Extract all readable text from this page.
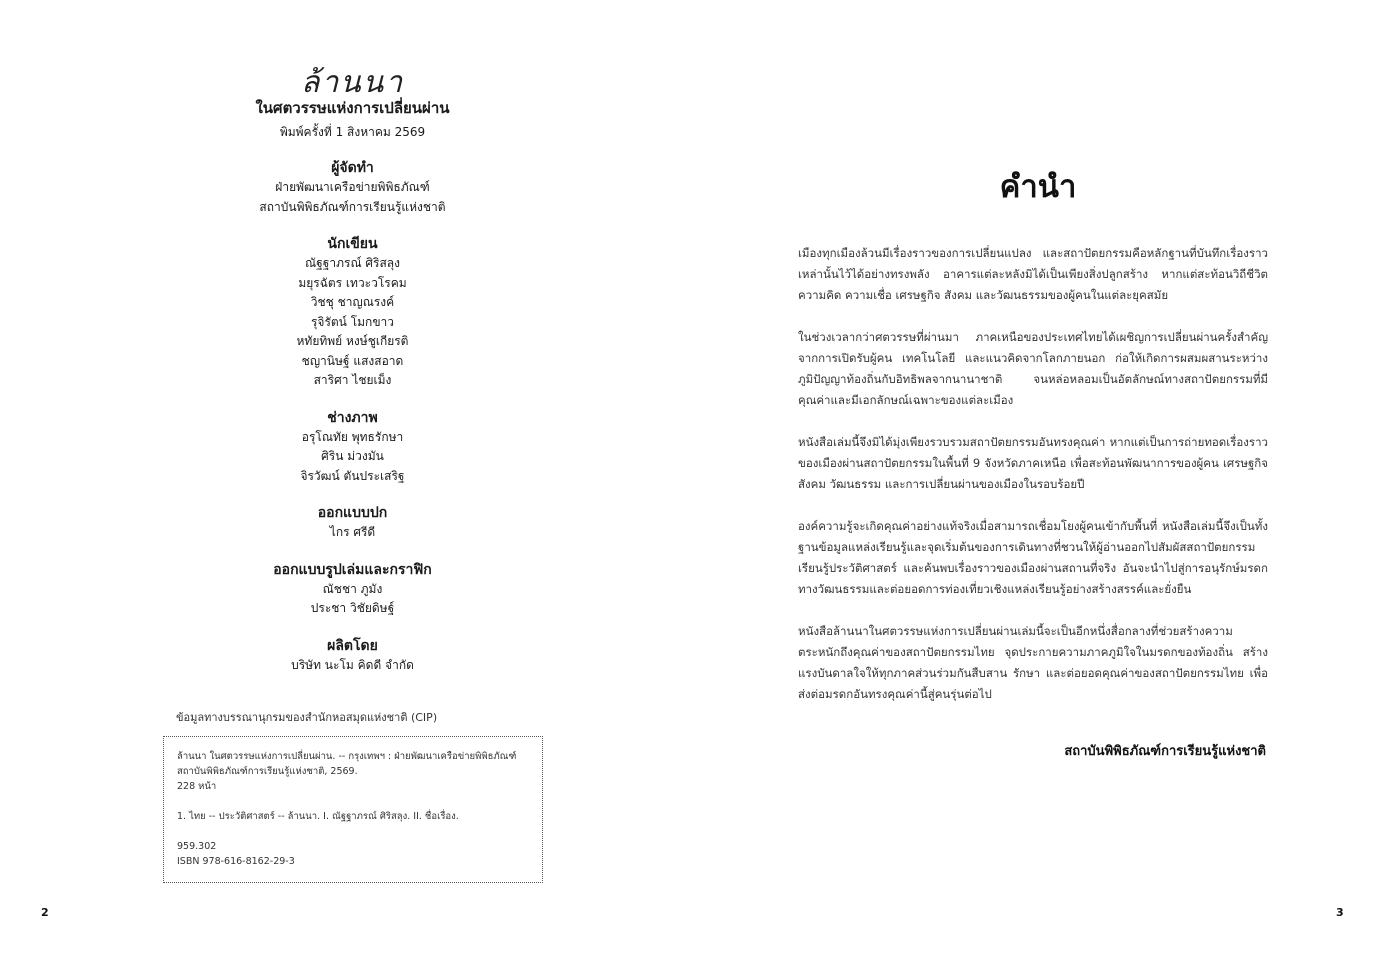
ล้านนา
ในศตวรรษแห่งการเปลี่ยนผ่าน
พิมพ์ครั้งที่ 1 สิงหาคม 2569
ผู้จัดทำ
ฝ่ายพัฒนาเครือข่ายพิพิธภัณฑ์
สถาบันพิพิธภัณฑ์การเรียนรู้แห่งชาติ
นักเขียน
ณัฐฐาภรณ์ ศิริสลุง
มยุรฉัตร เทวะวโรคม
วิชชุ ชาญณรงค์
รุจิรัตน์ โมกขาว
หทัยทิพย์ หงษ์ชูเกียรติ
ชญานิษฐ์ แสงสอาด
สาริศา ไชยเม็ง
ช่างภาพ
อรุโณทัย พุทธรักษา
ศิริน ม่วงมัน
จิรวัฒน์ ตันประเสริฐ
ออกแบบปก
ไกร ศรีดี
ออกแบบรูปเล่มและกราฟิก
ณัชชา ภูมัง
ประชา วิชัยดิษฐ์
ผลิตโดย
บริษัท นะโม คิดดี จำกัด
ข้อมูลทางบรรณานุกรมของสำนักหอสมุดแห่งชาติ (CIP)
ล้านนา ในศตวรรษแห่งการเปลี่ยนผ่าน. -- กรุงเทพฯ : ฝ่ายพัฒนาเครือข่ายพิพิธภัณฑ์
สถาบันพิพิธภัณฑ์การเรียนรู้แห่งชาติ, 2569.
228 หน้า
1. ไทย -- ประวัติศาสตร์ -- ล้านนา. I. ณัฐฐาภรณ์ ศิริสลุง. II. ชื่อเรื่อง.
959.302
ISBN 978-616-8162-29-3
2
คำนำ

เมืองทุกเมืองล้วนมีเรื่องราวของการเปลี่ยนแปลง และสถาปัตยกรรมคือหลักฐานที่บันทึกเรื่องราวเหล่านั้นไว้ได้อย่างทรงพลัง อาคารแต่ละหลังมิได้เป็นเพียงสิ่งปลูกสร้าง หากแต่สะท้อนวิถีชีวิต ความคิด ความเชื่อ เศรษฐกิจ สังคม และวัฒนธรรมของผู้คนในแต่ละยุคสมัย

ในช่วงเวลากว่าศตวรรษที่ผ่านมา ภาคเหนือของประเทศไทยได้เผชิญการเปลี่ยนผ่านครั้งสำคัญจากการเปิดรับผู้คน เทคโนโลยี และแนวคิดจากโลกภายนอก ก่อให้เกิดการผสมผสานระหว่างภูมิปัญญาท้องถิ่นกับอิทธิพลจากนานาชาติ จนหล่อหลอมเป็นอัตลักษณ์ทางสถาปัตยกรรมที่มีคุณค่าและมีเอกลักษณ์เฉพาะของแต่ละเมือง

หนังสือเล่มนี้จึงมิได้มุ่งเพียงรวบรวมสถาปัตยกรรมอันทรงคุณค่า หากแต่เป็นการถ่ายทอดเรื่องราวของเมืองผ่านสถาปัตยกรรมในพื้นที่ 9 จังหวัดภาคเหนือ เพื่อสะท้อนพัฒนาการของผู้คน เศรษฐกิจ สังคม วัฒนธรรม และการเปลี่ยนผ่านของเมืองในรอบร้อยปี

องค์ความรู้จะเกิดคุณค่าอย่างแท้จริงเมื่อสามารถเชื่อมโยงผู้คนเข้ากับพื้นที่ หนังสือเล่มนี้จึงเป็นทั้งฐานข้อมูลแหล่งเรียนรู้และจุดเริ่มต้นของการเดินทางที่ชวนให้ผู้อ่านออกไปสัมผัสสถาปัตยกรรม เรียนรู้ประวัติศาสตร์ และค้นพบเรื่องราวของเมืองผ่านสถานที่จริง อันจะนำไปสู่การอนุรักษ์มรดกทางวัฒนธรรมและต่อยอดการท่องเที่ยวเชิงแหล่งเรียนรู้อย่างสร้างสรรค์และยั่งยืน

หนังสือล้านนาในศตวรรษแห่งการเปลี่ยนผ่านเล่มนี้จะเป็นอีกหนึ่งสื่อกลางที่ช่วยสร้างความตระหนักถึงคุณค่าของสถาปัตยกรรมไทย จุดประกายความภาคภูมิใจในมรดกของท้องถิ่น สร้างแรงบันดาลใจให้ทุกภาคส่วนร่วมกันสืบสาน รักษา และต่อยอดคุณค่าของสถาปัตยกรรมไทย เพื่อส่งต่อมรดกอันทรงคุณค่านี้สู่คนรุ่นต่อไป

สถาบันพิพิธภัณฑ์การเรียนรู้แห่งชาติ
3
